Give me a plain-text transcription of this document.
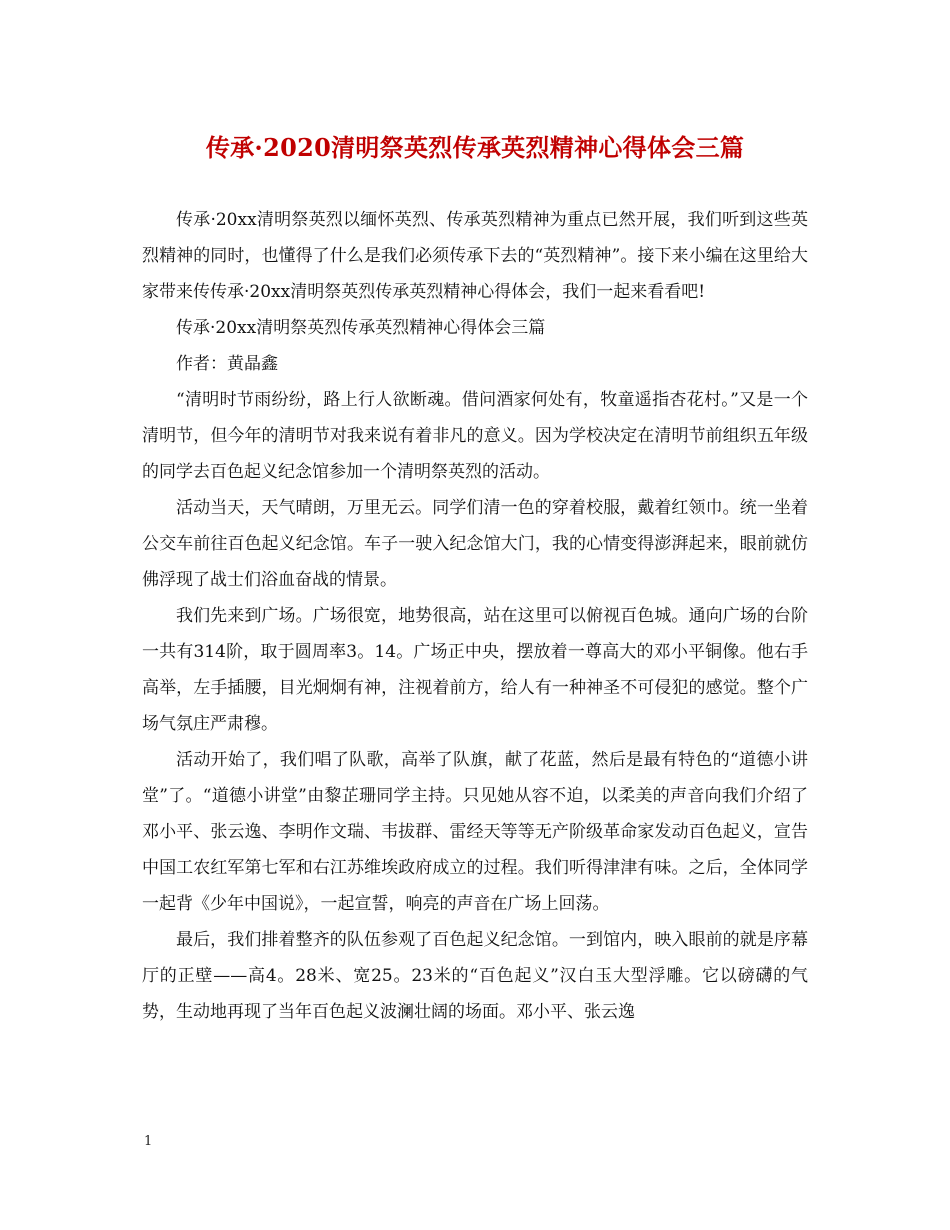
传承·2020清明祭英烈传承英烈精神心得体会三篇

传承·20xx清明祭英烈以缅怀英烈、传承英烈精神为重点已然开展，我们听到这些英烈精神的同时，也懂得了什么是我们必须传承下去的“英烈精神”。接下来小编在这里给大家带来传传承·20xx清明祭英烈传承英烈精神心得体会，我们一起来看看吧!

传承·20xx清明祭英烈传承英烈精神心得体会三篇

作者：黄晶鑫

“清明时节雨纷纷，路上行人欲断魂。借问酒家何处有，牧童遥指杏花村。”又是一个清明节，但今年的清明节对我来说有着非凡的意义。因为学校决定在清明节前组织五年级的同学去百色起义纪念馆参加一个清明祭英烈的活动。

活动当天，天气晴朗，万里无云。同学们清一色的穿着校服，戴着红领巾。统一坐着公交车前往百色起义纪念馆。车子一驶入纪念馆大门，我的心情变得澎湃起来，眼前就仿佛浮现了战士们浴血奋战的情景。

我们先来到广场。广场很宽，地势很高，站在这里可以俯视百色城。通向广场的台阶一共有314阶，取于圆周率3。14。广场正中央，摆放着一尊高大的邓小平铜像。他右手高举，左手插腰，目光炯炯有神，注视着前方，给人有一种神圣不可侵犯的感觉。整个广场气氛庄严肃穆。

活动开始了，我们唱了队歌，高举了队旗，献了花蓝，然后是最有特色的“道德小讲堂”了。“道德小讲堂”由黎芷珊同学主持。只见她从容不迫，以柔美的声音向我们介绍了邓小平、张云逸、李明作文瑞、韦拔群、雷经天等等无产阶级革命家发动百色起义，宣告中国工农红军第七军和右江苏维埃政府成立的过程。我们听得津津有味。之后，全体同学一起背《少年中国说》，一起宣誓，响亮的声音在广场上回荡。

最后，我们排着整齐的队伍参观了百色起义纪念馆。一到馆内，映入眼前的就是序幕厅的正壁——高4。28米、宽25。23米的“百色起义”汉白玉大型浮雕。它以磅礴的气势，生动地再现了当年百色起义波澜壮阔的场面。邓小平、张云逸

1
